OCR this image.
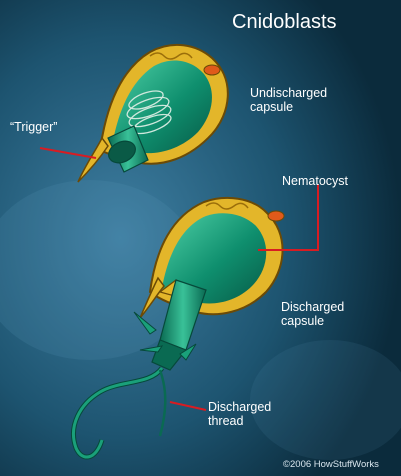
Cnidoblasts
Undischarged
capsule
“Trigger”
Nematocyst
Discharged
capsule
Discharged
thread
©2006 HowStuffWorks
